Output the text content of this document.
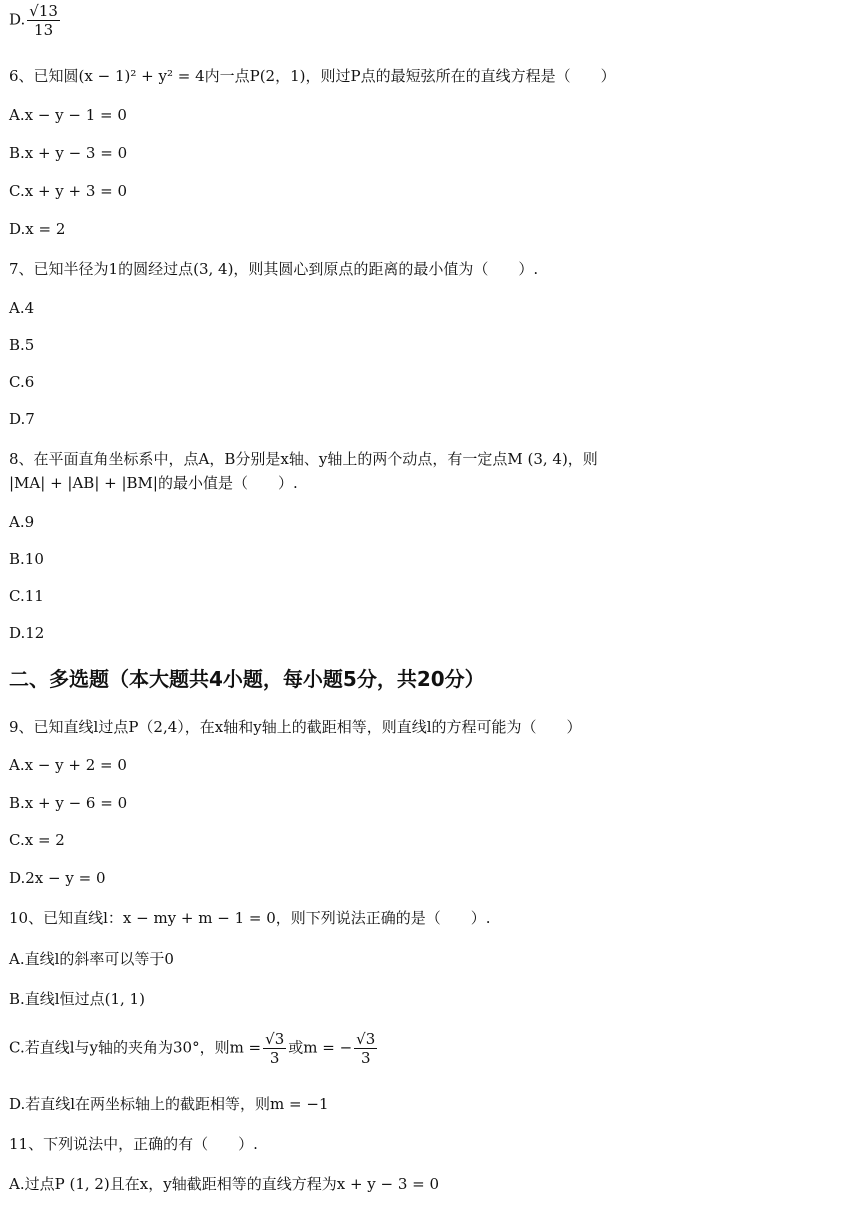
D. $\frac{√13}{13}$
6、已知圆(x − 1)² + y² = 4内一点P(2，1)，则过P点的最短弦所在的直线方程是（　　）
A.x − y − 1 = 0
B.x + y − 3 = 0
C.x + y + 3 = 0
D.x = 2
7、已知半径为1的圆经过点(3, 4)，则其圆心到原点的距离的最小值为（　　）.
A.4
B.5
C.6
D.7
8、在平面直角坐标系中，点A，B分别是x轴、y轴上的两个动点，有一定点M (3, 4)，则
|MA| + |AB| + |BM|的最小值是（　　）.
A.9
B.10
C.11
D.12
二、多选题（本大题共4小题，每小题5分，共20分）
9、已知直线l过点P（2,4），在x轴和y轴上的截距相等，则直线l的方程可能为（　　）
A.x − y + 2 = 0
B.x + y − 6 = 0
C.x = 2
D.2x − y = 0
10、已知直线l：x − my + m − 1 = 0，则下列说法正确的是（　　）.
A.直线l的斜率可以等于0
B.直线l恒过点(1, 1)
C.若直线l与y轴的夹角为30°，则$m = \frac{√3}{3}$ 或m = − $\frac{√3}{3}$
D.若直线l在两坐标轴上的截距相等，则m = −1
11、下列说法中，正确的有（　　）.
A.过点P (1, 2)且在x，y轴截距相等的直线方程为x + y − 3 = 0
